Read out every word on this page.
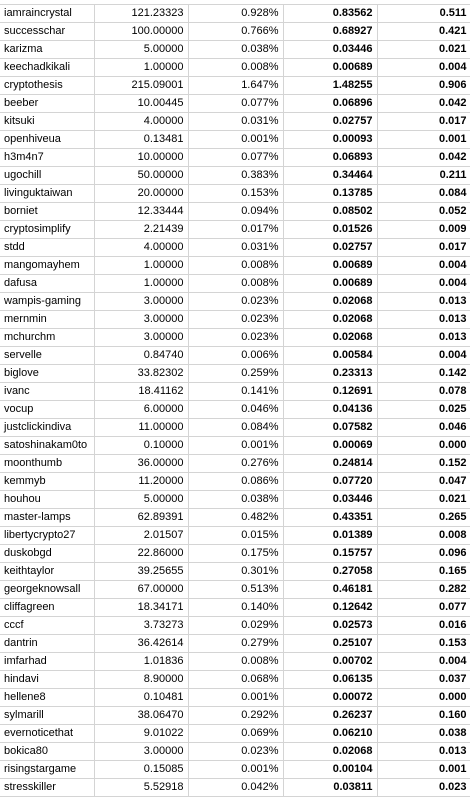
iamraincrystal	121.23323	0.928%	0.83562	0.511
successchar	100.00000	0.766%	0.68927	0.421
karizma	5.00000	0.038%	0.03446	0.021
keechadkikali	1.00000	0.008%	0.00689	0.004
cryptothesis	215.09001	1.647%	1.48255	0.906
beeber	10.00445	0.077%	0.06896	0.042
kitsuki	4.00000	0.031%	0.02757	0.017
openhiveua	0.13481	0.001%	0.00093	0.001
h3m4n7	10.00000	0.077%	0.06893	0.042
ugochill	50.00000	0.383%	0.34464	0.211
livinguktaiwan	20.00000	0.153%	0.13785	0.084
borniet	12.33444	0.094%	0.08502	0.052
cryptosimplify	2.21439	0.017%	0.01526	0.009
stdd	4.00000	0.031%	0.02757	0.017
mangomayhem	1.00000	0.008%	0.00689	0.004
dafusa	1.00000	0.008%	0.00689	0.004
wampis-gaming	3.00000	0.023%	0.02068	0.013
mernmin	3.00000	0.023%	0.02068	0.013
mchurchm	3.00000	0.023%	0.02068	0.013
servelle	0.84740	0.006%	0.00584	0.004
biglove	33.82302	0.259%	0.23313	0.142
ivanc	18.41162	0.141%	0.12691	0.078
vocup	6.00000	0.046%	0.04136	0.025
justclickindiva	11.00000	0.084%	0.07582	0.046
satoshinakam0to	0.10000	0.001%	0.00069	0.000
moonthumb	36.00000	0.276%	0.24814	0.152
kemmyb	11.20000	0.086%	0.07720	0.047
houhou	5.00000	0.038%	0.03446	0.021
master-lamps	62.89391	0.482%	0.43351	0.265
libertycrypto27	2.01507	0.015%	0.01389	0.008
duskobgd	22.86000	0.175%	0.15757	0.096
keithtaylor	39.25655	0.301%	0.27058	0.165
georgeknowsall	67.00000	0.513%	0.46181	0.282
cliffagreen	18.34171	0.140%	0.12642	0.077
cccf	3.73273	0.029%	0.02573	0.016
dantrin	36.42614	0.279%	0.25107	0.153
imfarhad	1.01836	0.008%	0.00702	0.004
hindavi	8.90000	0.068%	0.06135	0.037
hellene8	0.10481	0.001%	0.00072	0.000
sylmarill	38.06470	0.292%	0.26237	0.160
evernoticethat	9.01022	0.069%	0.06210	0.038
bokica80	3.00000	0.023%	0.02068	0.013
risingstargame	0.15085	0.001%	0.00104	0.001
stresskiller	5.52918	0.042%	0.03811	0.023
